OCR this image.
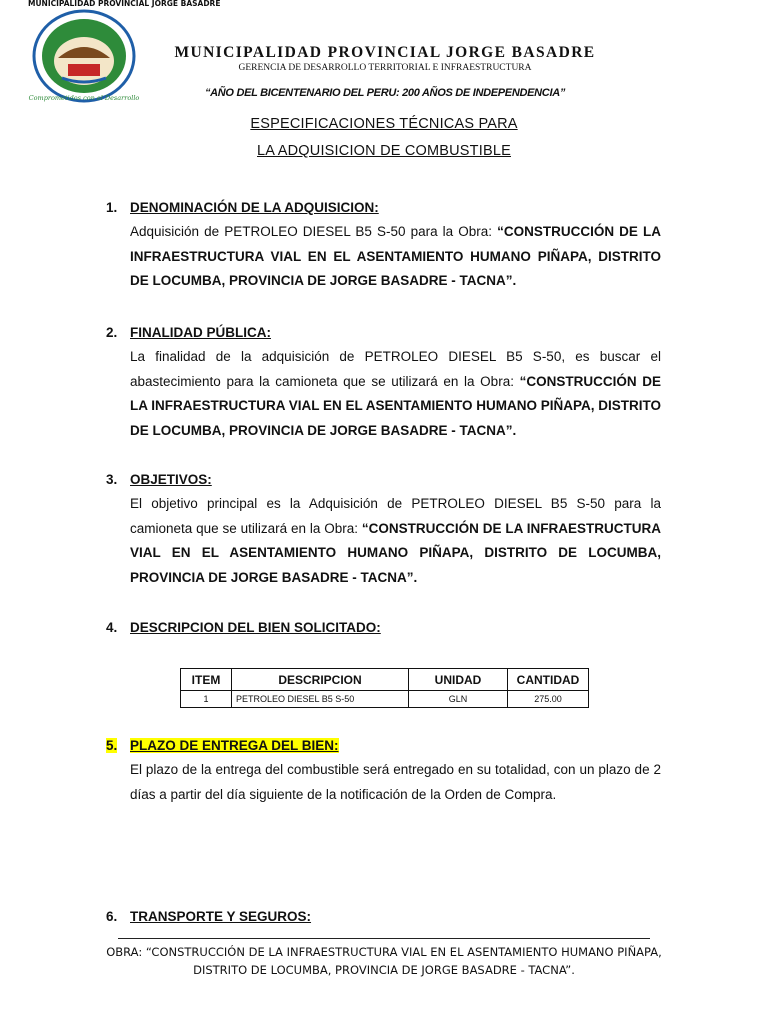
MUNICIPALIDAD PROVINCIAL JORGE BASADRE
Comprometidos con el Desarrollo
MUNICIPALIDAD PROVINCIAL JORGE BASADRE
GERENCIA DE DESARROLLO TERRITORIAL E INFRAESTRUCTURA
“AÑO DEL BICENTENARIO DEL PERU: 200 AÑOS DE INDEPENDENCIA”
ESPECIFICACIONES TÉCNICAS PARA
LA ADQUISICION DE COMBUSTIBLE
1. DENOMINACIÓN DE LA ADQUISICION:
Adquisición de PETROLEO DIESEL B5 S-50 para la Obra: “CONSTRUCCIÓN DE LA INFRAESTRUCTURA VIAL EN EL ASENTAMIENTO HUMANO PIÑAPA, DISTRITO DE LOCUMBA, PROVINCIA DE JORGE BASADRE - TACNA”.
2. FINALIDAD PÚBLICA:
La finalidad de la adquisición de PETROLEO DIESEL B5 S-50, es buscar el abastecimiento para la camioneta que se utilizará en la Obra: “CONSTRUCCIÓN DE LA INFRAESTRUCTURA VIAL EN EL ASENTAMIENTO HUMANO PIÑAPA, DISTRITO DE LOCUMBA, PROVINCIA DE JORGE BASADRE - TACNA”.
3. OBJETIVOS:
El objetivo principal es la Adquisición de PETROLEO DIESEL B5 S-50 para la camioneta que se utilizará en la Obra: “CONSTRUCCIÓN DE LA INFRAESTRUCTURA VIAL EN EL ASENTAMIENTO HUMANO PIÑAPA, DISTRITO DE LOCUMBA, PROVINCIA DE JORGE BASADRE - TACNA”.
4. DESCRIPCION DEL BIEN SOLICITADO:
ITEM	DESCRIPCION	UNIDAD	CANTIDAD
1	PETROLEO DIESEL B5 S-50	GLN	275.00
5. PLAZO DE ENTREGA DEL BIEN:
El plazo de la entrega del combustible será entregado en su totalidad, con un plazo de 2 días a partir del día siguiente de la notificación de la Orden de Compra.
6. TRANSPORTE Y SEGUROS:
OBRA: “CONSTRUCCIÓN DE LA INFRAESTRUCTURA VIAL EN EL ASENTAMIENTO HUMANO PIÑAPA,
DISTRITO DE LOCUMBA, PROVINCIA DE JORGE BASADRE - TACNA”.
